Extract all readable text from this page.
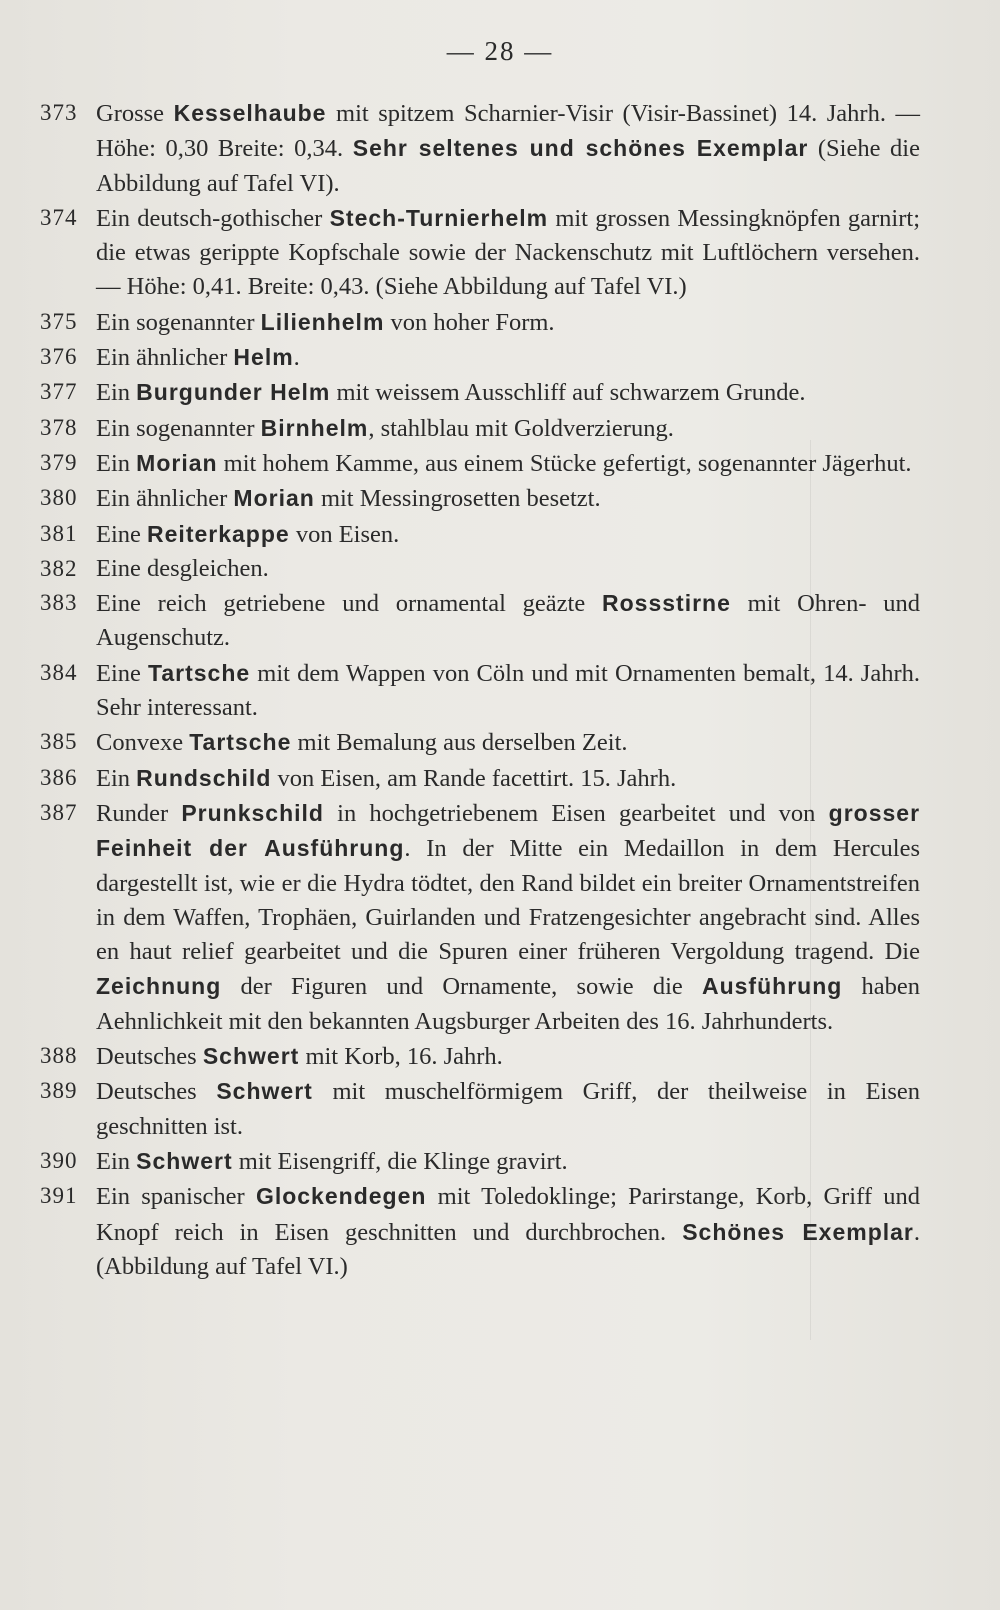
— 28 —
373 Grosse Kesselhaube mit spitzem Scharnier-Visir (Visir-Bassinet) 14. Jahrh. — Höhe: 0,30 Breite: 0,34. Sehr seltenes und schönes Exemplar (Siehe die Abbildung auf Tafel VI).
374 Ein deutsch-gothischer Stech-Turnierhelm mit grossen Messingknöpfen garnirt; die etwas gerippte Kopfschale sowie der Nackenschutz mit Luftlöchern versehen. — Höhe: 0,41. Breite: 0,43. (Siehe Abbildung auf Tafel VI.)
375 Ein sogenannter Lilienhelm von hoher Form.
376 Ein ähnlicher Helm.
377 Ein Burgunder Helm mit weissem Ausschliff auf schwarzem Grunde.
378 Ein sogenannter Birnhelm, stahlblau mit Goldverzierung.
379 Ein Morian mit hohem Kamme, aus einem Stücke gefertigt, sogenannter Jägerhut.
380 Ein ähnlicher Morian mit Messingrosetten besetzt.
381 Eine Reiterkappe von Eisen.
382 Eine desgleichen.
383 Eine reich getriebene und ornamental geäzte Rossstirne mit Ohren- und Augenschutz.
384 Eine Tartsche mit dem Wappen von Cöln und mit Ornamenten bemalt, 14. Jahrh. Sehr interessant.
385 Convexe Tartsche mit Bemalung aus derselben Zeit.
386 Ein Rundschild von Eisen, am Rande facettirt. 15. Jahrh.
387 Runder Prunkschild in hochgetriebenem Eisen gearbeitet und von grosser Feinheit der Ausführung. In der Mitte ein Medaillon in dem Hercules dargestellt ist, wie er die Hydra tödtet, den Rand bildet ein breiter Ornamentstreifen in dem Waffen, Trophäen, Guirlanden und Fratzengesichter angebracht sind. Alles en haut relief gearbeitet und die Spuren einer früheren Vergoldung tragend. Die Zeichnung der Figuren und Ornamente, sowie die Ausführung haben Aehnlichkeit mit den bekannten Augsburger Arbeiten des 16. Jahrhunderts.
388 Deutsches Schwert mit Korb, 16. Jahrh.
389 Deutsches Schwert mit muschelförmigem Griff, der theilweise in Eisen geschnitten ist.
390 Ein Schwert mit Eisengriff, die Klinge gravirt.
391 Ein spanischer Glockendegen mit Toledoklinge; Parirstange, Korb, Griff und Knopf reich in Eisen geschnitten und durchbrochen. Schönes Exemplar. (Abbildung auf Tafel VI.)
